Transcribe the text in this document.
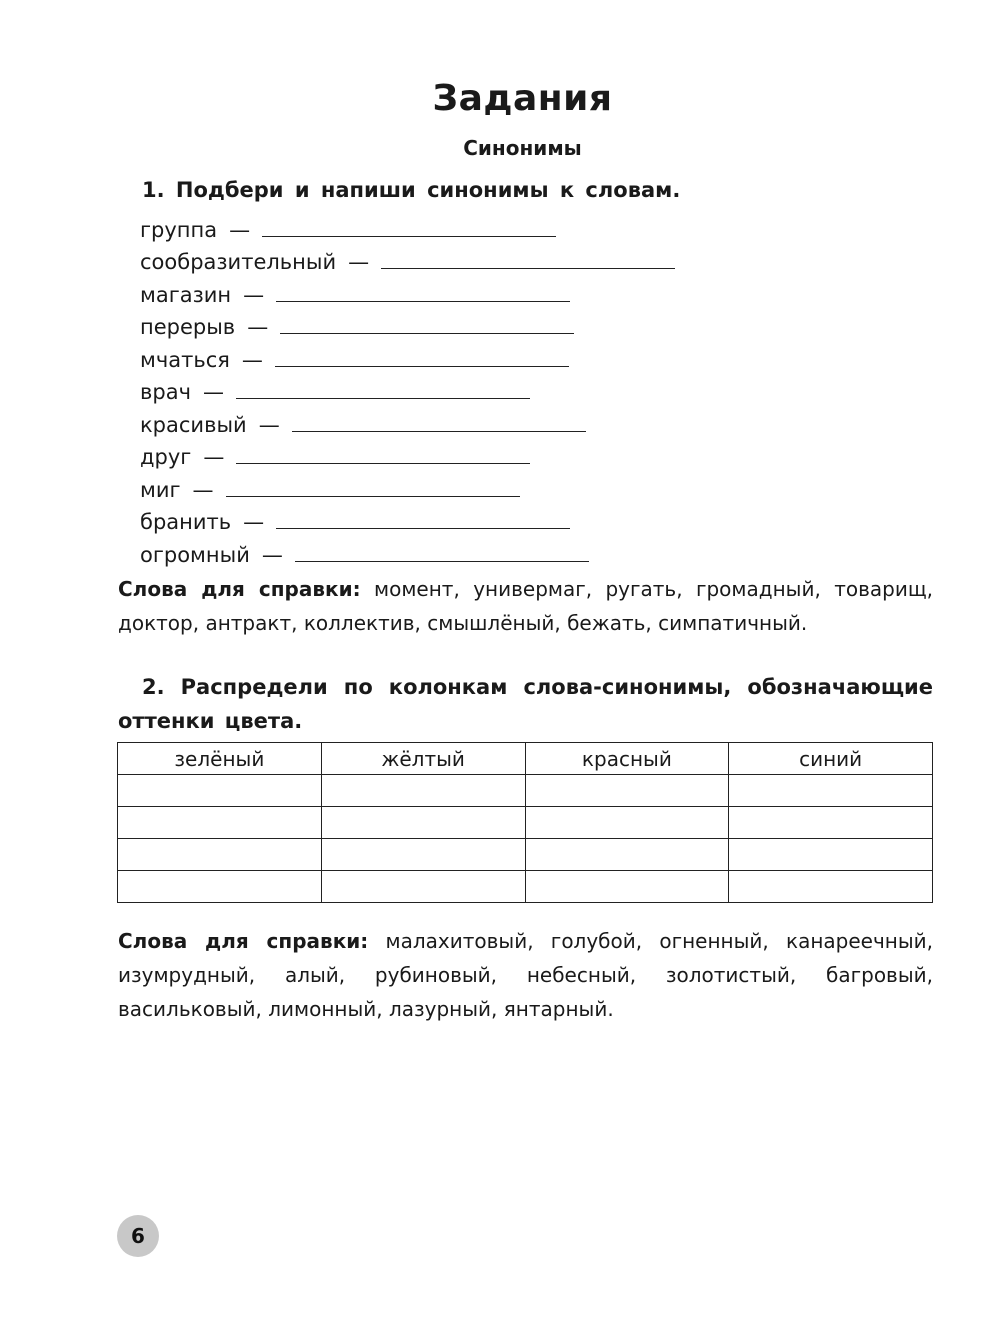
Задания
Синонимы

1. Подбери и напиши синонимы к словам.

группа —
сообразительный —
магазин —
перерыв —
мчаться —
врач —
красивый —
друг —
миг —
бранить —
огромный —

Слова для справки: момент, универмаг, ругать, громадный, товарищ, доктор, антракт, коллектив, смышлёный, бежать, симпатичный.

2. Распредели по колонкам слова-синонимы, обозначающие оттенки цвета.

зелёный	жёлтый	красный	синий

Слова для справки: малахитовый, голубой, огненный, канареечный, изумрудный, алый, рубиновый, небесный, золотистый, багровый, васильковый, лимонный, лазурный, янтарный.

6
